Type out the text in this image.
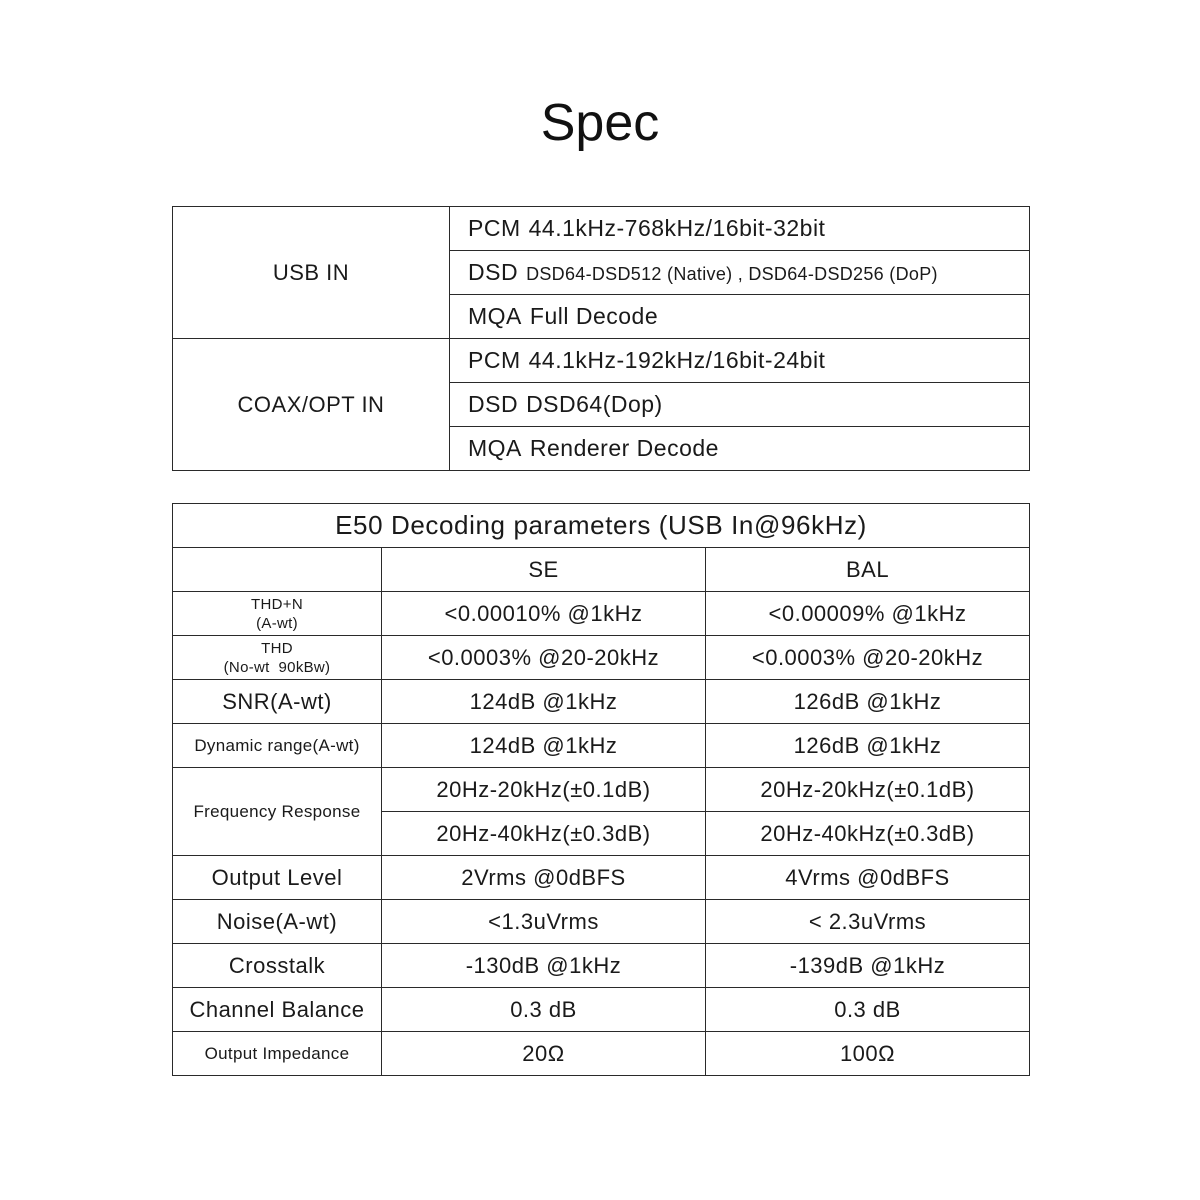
Spec
USB IN	PCM 44.1kHz-768kHz/16bit-32bit
	DSD DSD64-DSD512 (Native) , DSD64-DSD256 (DoP)
	MQA Full Decode
COAX/OPT IN	PCM 44.1kHz-192kHz/16bit-24bit
	DSD DSD64(Dop)
	MQA Renderer Decode
E50 Decoding parameters (USB In@96kHz)		
	SE	BAL

THD+N
(A-wt)	<0.00010% @1kHz	<0.00009% @1kHz

THD
(No-wt  90kBw)	<0.0003% @20-20kHz	<0.0003% @20-20kHz
SNR(A-wt)	124dB @1kHz	126dB @1kHz
Dynamic range(A-wt)	124dB @1kHz	126dB @1kHz
Frequency Response	20Hz-20kHz(±0.1dB)	20Hz-20kHz(±0.1dB)
	20Hz-40kHz(±0.3dB)	20Hz-40kHz(±0.3dB)
Output Level	2Vrms @0dBFS	4Vrms @0dBFS
Noise(A-wt)	<1.3uVrms	< 2.3uVrms
Crosstalk	-130dB @1kHz	-139dB @1kHz
Channel Balance	0.3 dB	0.3 dB
Output Impedance	20Ω	100Ω
